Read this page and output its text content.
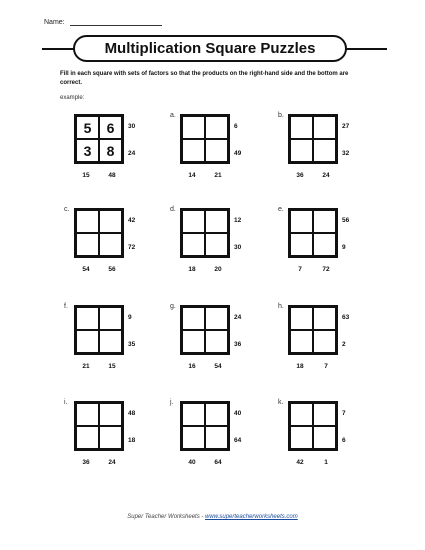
Name:
Multiplication Square Puzzles
Fill in each square with sets of factors so that the products on the right-hand side and the bottom are correct.
example:
5	6
3	8
30
24
15	48
a.
6
49
14	21
b.
27
32
36	24
c.
42
72
54	56
d.
12
30
18	20
e.
56
9
7	72
f.
9
35
21	15
g.
24
36
16	54
h.
63
2
18	7
i.
48
18
36	24
j.
40
64
40	64
k.
7
6
42	1
Super Teacher Worksheets - www.superteacherworksheets.com
